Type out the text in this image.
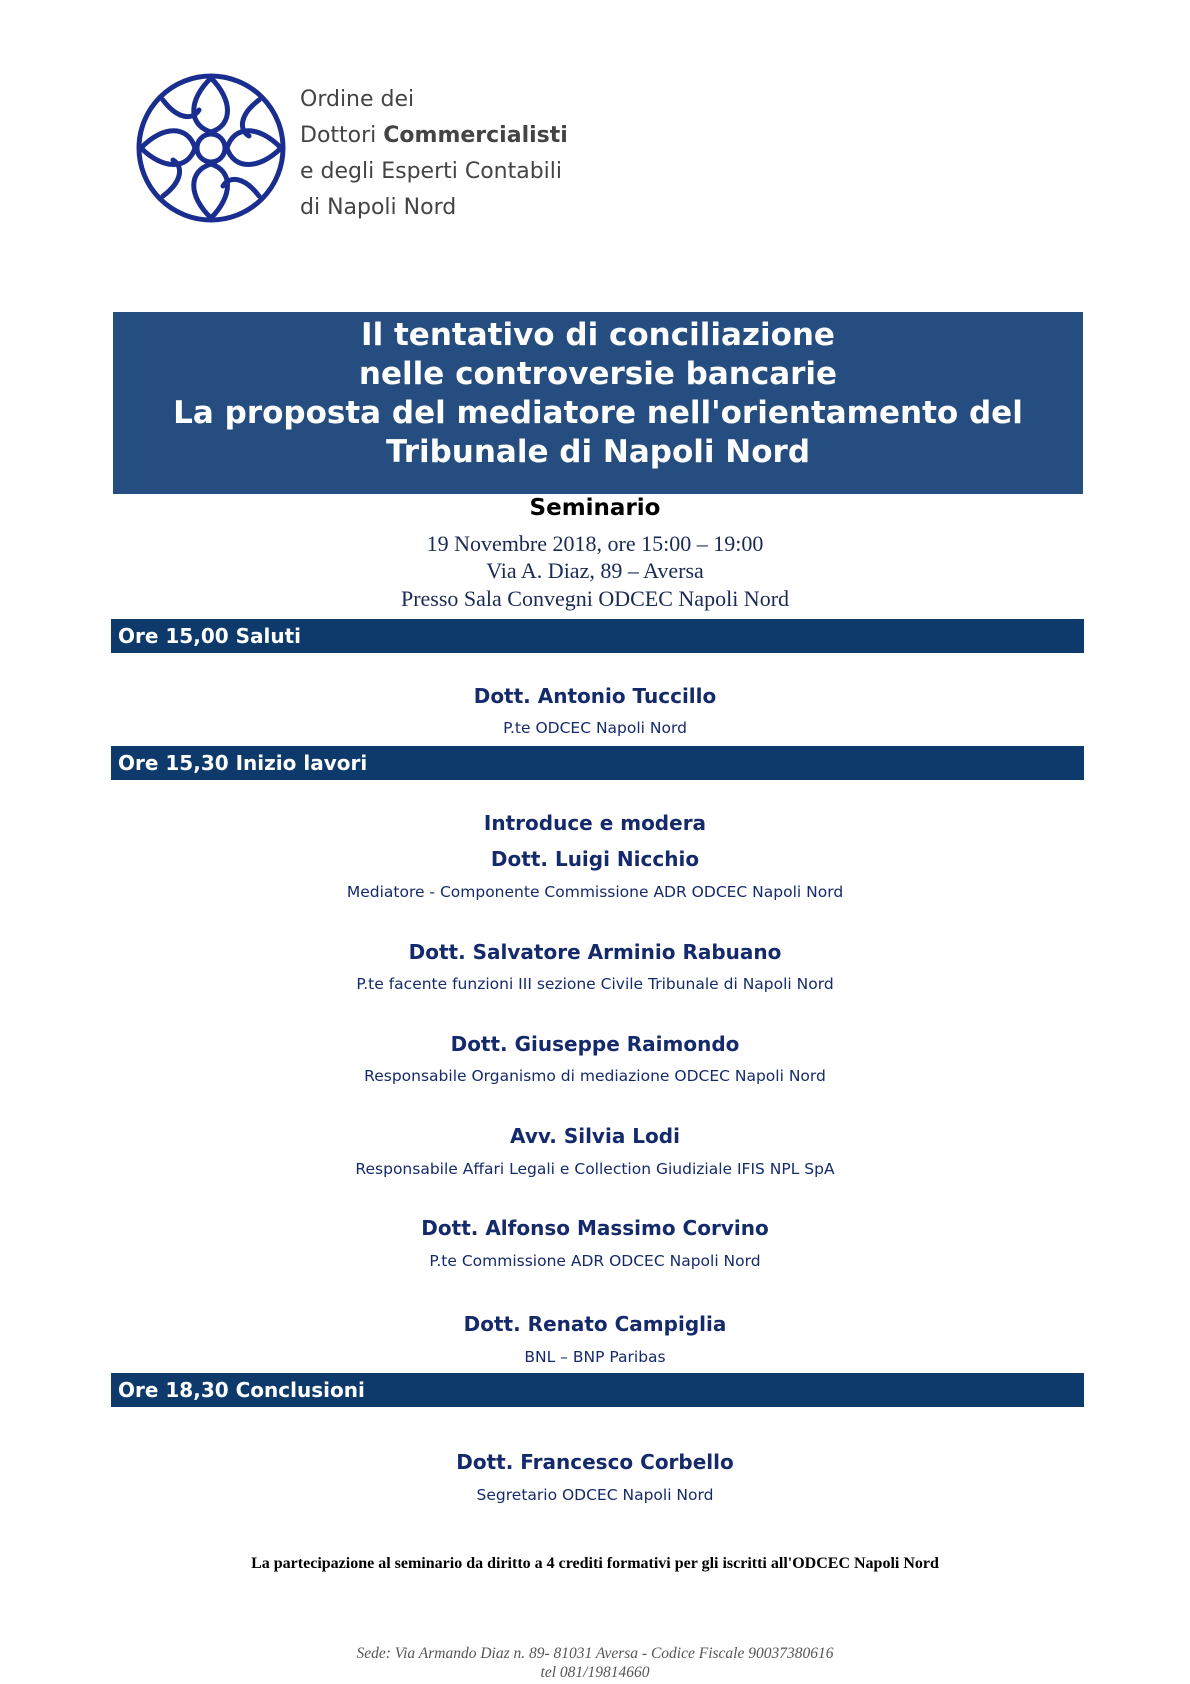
Ordine dei
Dottori Commercialisti
e degli Esperti Contabili
di Napoli Nord
Il tentativo di conciliazione
nelle controversie bancarie
La proposta del mediatore nell'orientamento del
Tribunale di Napoli Nord
Seminario
19 Novembre 2018, ore 15:00 – 19:00
Via A. Diaz, 89 – Aversa
Presso Sala Convegni ODCEC Napoli Nord
Ore 15,00 Saluti
Dott. Antonio Tuccillo
P.te ODCEC Napoli Nord
Ore 15,30 Inizio lavori
Introduce e modera
Dott. Luigi Nicchio
Mediatore - Componente Commissione ADR ODCEC Napoli Nord
Dott. Salvatore Arminio Rabuano
P.te facente funzioni III sezione Civile Tribunale di Napoli Nord
Dott. Giuseppe Raimondo
Responsabile Organismo di mediazione ODCEC Napoli Nord
Avv. Silvia Lodi
Responsabile Affari Legali e Collection Giudiziale IFIS NPL SpA
Dott. Alfonso Massimo Corvino
P.te Commissione ADR ODCEC Napoli Nord
Dott. Renato Campiglia
BNL – BNP Paribas
Ore 18,30 Conclusioni
Dott. Francesco Corbello
Segretario ODCEC Napoli Nord
La partecipazione al seminario da diritto a 4 crediti formativi per gli iscritti all'ODCEC Napoli Nord
Sede: Via Armando Diaz n. 89- 81031 Aversa - Codice Fiscale 90037380616
tel 081/19814660
